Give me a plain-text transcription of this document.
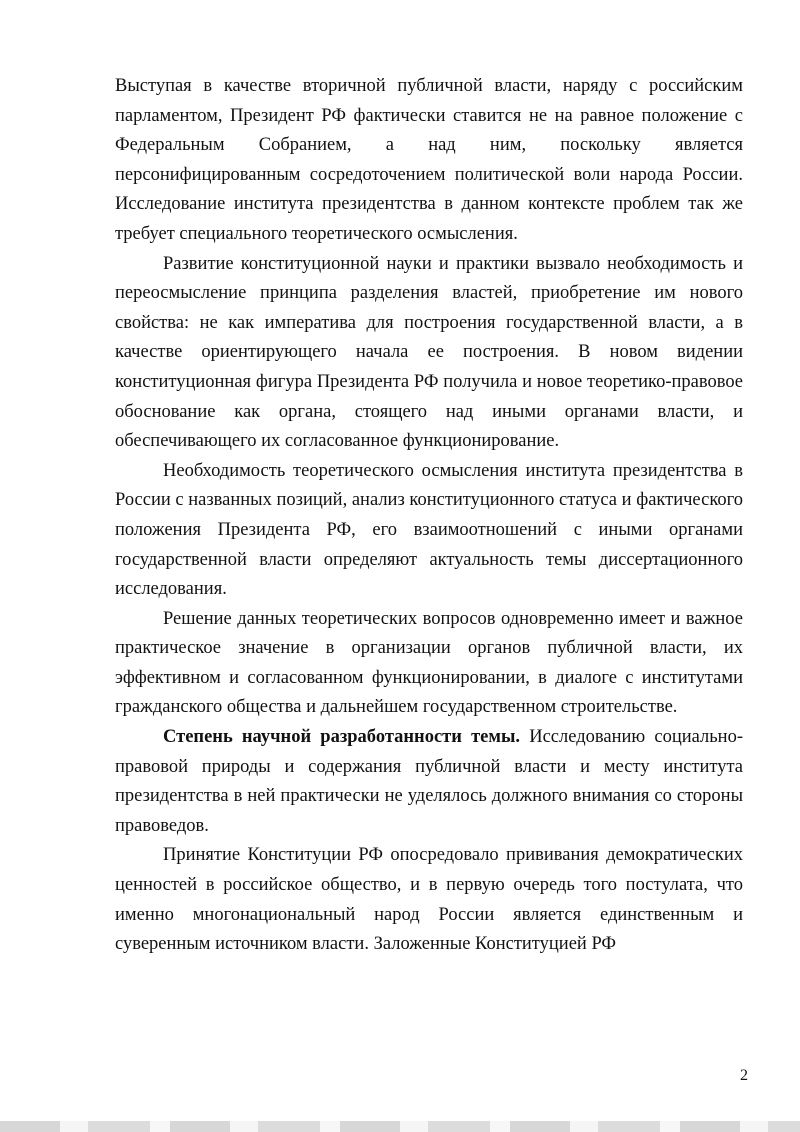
Выступая в качестве вторичной публичной власти, наряду с российским парламентом, Президент РФ фактически ставится не на равное положение с Федеральным Собранием, а над ним, поскольку является персонифицированным сосредоточением политической воли народа России. Исследование института президентства в данном контексте проблем так же требует специального теоретического осмысления.

Развитие конституционной науки и практики вызвало необходимость и переосмысление принципа разделения властей, приобретение им нового свойства: не как императива для построения государственной власти, а в качестве ориентирующего начала ее построения. В новом видении конституционная фигура Президента РФ получила и новое теоретико-правовое обоснование как органа, стоящего над иными органами власти, и обеспечивающего их согласованное функционирование.

Необходимость теоретического осмысления института президентства в России с названных позиций, анализ конституционного статуса и фактического положения Президента РФ, его взаимоотношений с иными органами государственной власти определяют актуальность темы диссертационного исследования.

Решение данных теоретических вопросов одновременно имеет и важное практическое значение в организации органов публичной власти, их эффективном и согласованном функционировании, в диалоге с институтами гражданского общества и дальнейшем государственном строительстве.

Степень научной разработанности темы. Исследованию социально-правовой природы и содержания публичной власти и месту института президентства в ней практически не уделялось должного внимания со стороны правоведов.

Принятие Конституции РФ опосредовало прививания демократических ценностей в российское общество, и в первую очередь того постулата, что именно многонациональный народ России является единственным и суверенным источником власти. Заложенные Конституцией РФ

2
